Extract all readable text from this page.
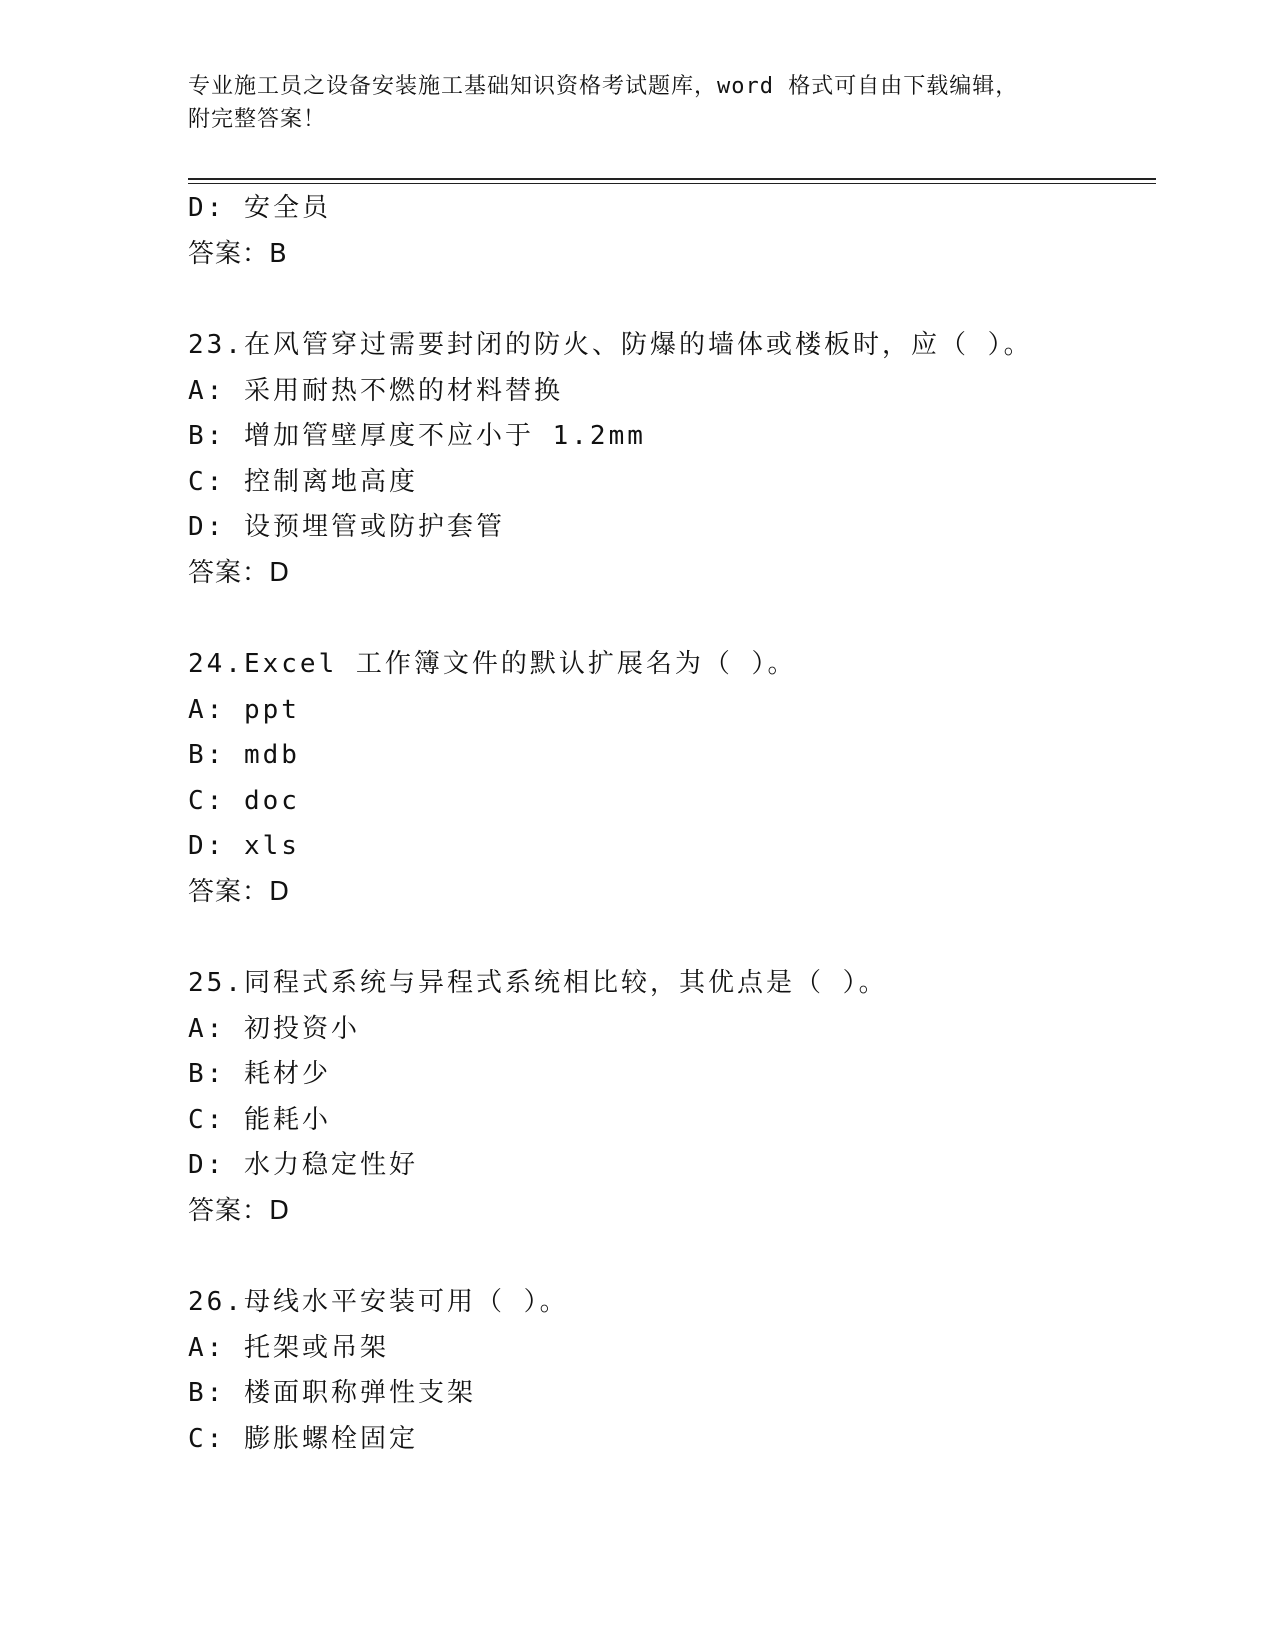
专业施工员之设备安装施工基础知识资格考试题库，word 格式可自由下载编辑，
附完整答案！
D: 安全员
答案：B
23.在风管穿过需要封闭的防火、防爆的墙体或楼板时，应（ ）。
A: 采用耐热不燃的材料替换
B: 增加管壁厚度不应小于 1.2mm
C: 控制离地高度
D: 设预埋管或防护套管
答案：D
24.Excel 工作簿文件的默认扩展名为（ ）。
A: ppt
B: mdb
C: doc
D: xls
答案：D
25.同程式系统与异程式系统相比较，其优点是（ ）。
A: 初投资小
B: 耗材少
C: 能耗小
D: 水力稳定性好
答案：D
26.母线水平安装可用（ ）。
A: 托架或吊架
B: 楼面职称弹性支架
C: 膨胀螺栓固定
